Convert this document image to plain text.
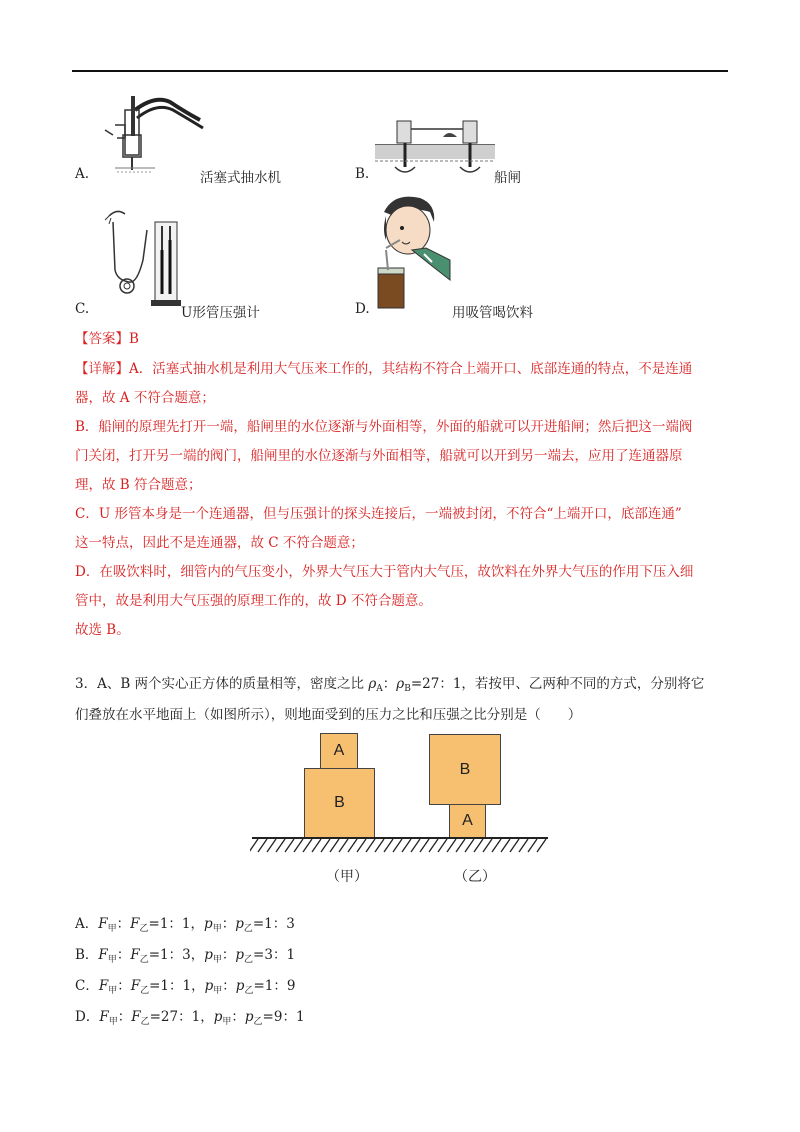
A.	活塞式抽水机	B.	船闸
C.	U形管压强计	D.	用吸管喝饮料
【答案】B
【详解】A．活塞式抽水机是利用大气压来工作的，其结构不符合上端开口、底部连通的特点，不是连通
器，故 A 不符合题意；
B．船闸的原理先打开一端，船闸里的水位逐渐与外面相等，外面的船就可以开进船闸；然后把这一端阀
门关闭，打开另一端的阀门，船闸里的水位逐渐与外面相等，船就可以开到另一端去，应用了连通器原
理，故 B 符合题意；
C．U 形管本身是一个连通器，但与压强计的探头连接后，一端被封闭，不符合“上端开口，底部连通”
这一特点，因此不是连通器，故 C 不符合题意；
D．在吸饮料时，细管内的气压变小，外界大气压大于管内大气压，故饮料在外界大气压的作用下压入细
管中，故是利用大气压强的原理工作的，故 D 不符合题意。
故选 B。
3．A、B 两个实心正方体的质量相等，密度之比 $\rho_A$：$\rho_B=27$：1，若按甲、乙两种不同的方式，分别将它
们叠放在水平地面上（如图所示），则地面受到的压力之比和压强之比分别是（　　）
A
B
B
A
（甲）	（乙）
A．$F_甲$：$F_乙=1$：1，$p_甲$：$p_乙=1$：3
B．$F_甲$：$F_乙=1$：3，$p_甲$：$p_乙=3$：1
C．$F_甲$：$F_乙=1$：1，$p_甲$：$p_乙=1$：9
D．$F_甲$：$F_乙=27$：1，$p_甲$：$p_乙=9$：1
